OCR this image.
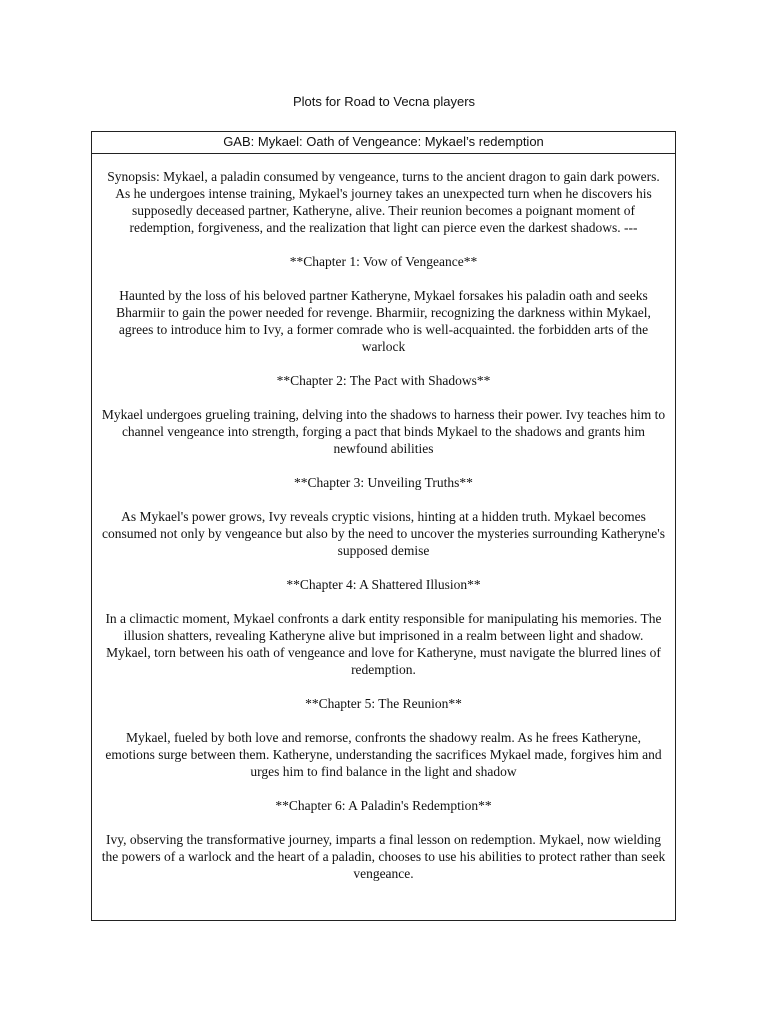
Plots for Road to Vecna players
GAB: Mykael: Oath of Vengeance: Mykael’s redemption

Synopsis: Mykael, a paladin consumed by vengeance, turns to the ancient dragon to gain dark powers. As he undergoes intense training, Mykael's journey takes an unexpected turn when he discovers his supposedly deceased partner, Katheryne, alive. Their reunion becomes a poignant moment of redemption, forgiveness, and the realization that light can pierce even the darkest shadows. ---

**Chapter 1: Vow of Vengeance**

Haunted by the loss of his beloved partner Katheryne, Mykael forsakes his paladin oath and seeks Bharmiir to gain the power needed for revenge. Bharmiir, recognizing the darkness within Mykael, agrees to introduce him to Ivy, a former comrade who is well-acquainted. the forbidden arts of the warlock

**Chapter 2: The Pact with Shadows**

Mykael undergoes grueling training, delving into the shadows to harness their power. Ivy teaches him to channel vengeance into strength, forging a pact that binds Mykael to the shadows and grants him newfound abilities

**Chapter 3: Unveiling Truths**

As Mykael's power grows, Ivy reveals cryptic visions, hinting at a hidden truth. Mykael becomes consumed not only by vengeance but also by the need to uncover the mysteries surrounding Katheryne's supposed demise

**Chapter 4: A Shattered Illusion**

In a climactic moment, Mykael confronts a dark entity responsible for manipulating his memories. The illusion shatters, revealing Katheryne alive but imprisoned in a realm between light and shadow. Mykael, torn between his oath of vengeance and love for Katheryne, must navigate the blurred lines of redemption.

**Chapter 5: The Reunion**

Mykael, fueled by both love and remorse, confronts the shadowy realm. As he frees Katheryne, emotions surge between them. Katheryne, understanding the sacrifices Mykael made, forgives him and urges him to find balance in the light and shadow

**Chapter 6: A Paladin's Redemption**

Ivy, observing the transformative journey, imparts a final lesson on redemption. Mykael, now wielding the powers of a warlock and the heart of a paladin, chooses to use his abilities to protect rather than seek vengeance.
